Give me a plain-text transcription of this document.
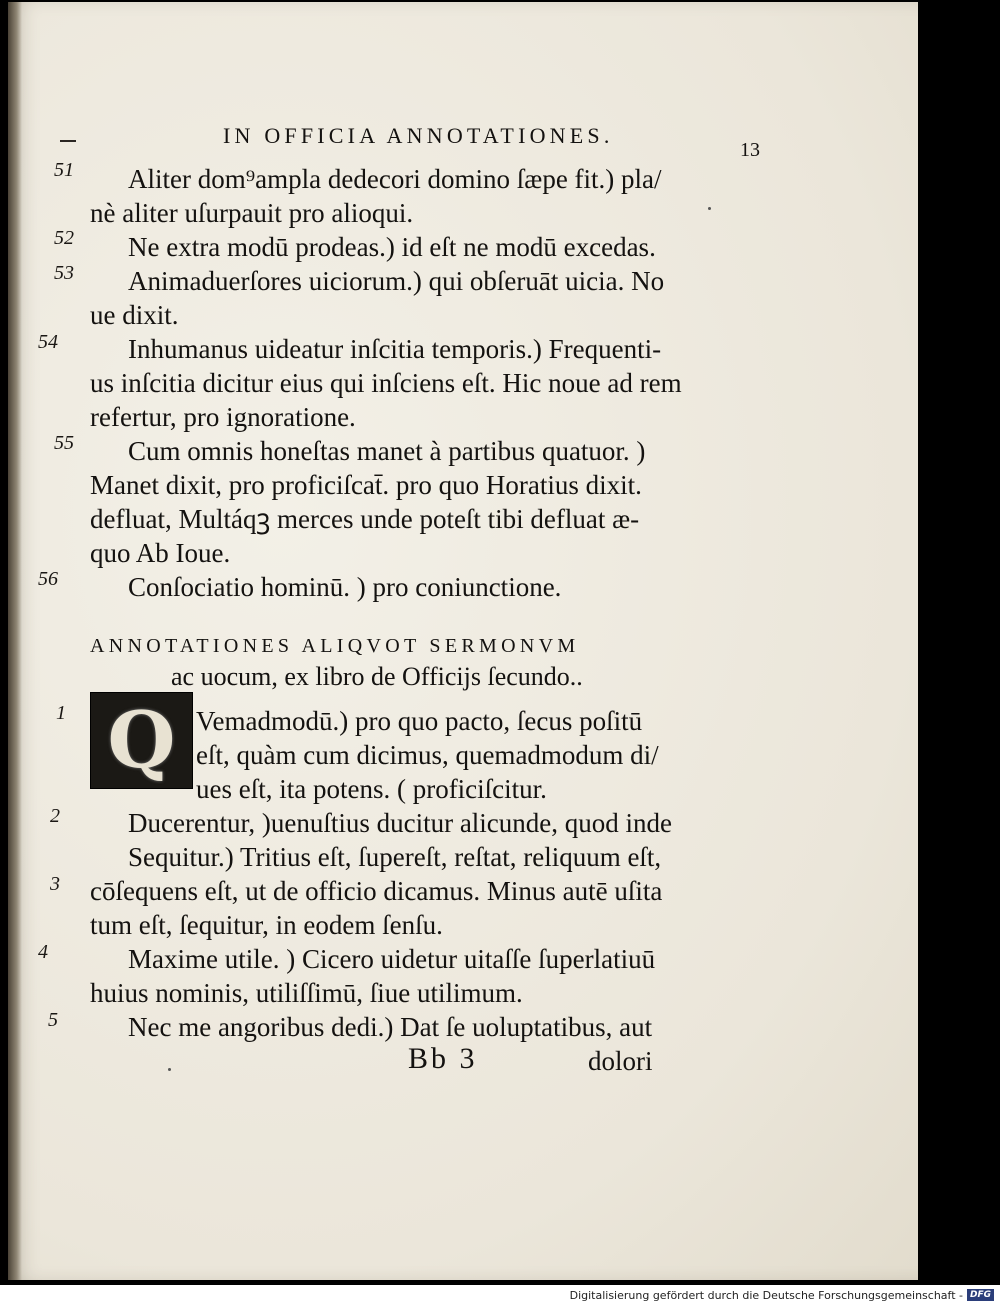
IN OFFICIA ANNOTATIONES.
13
51
52
53
54
55
56
Aliter dom⁹ampla dedecori domino ſæpe fit.) pla/
nè aliter uſurpauit pro alioqui.
Ne extra modū prodeas.) id eſt ne modū excedas.
Animaduerſores uiciorum.) qui obſeruāt uicia. No
ue dixit.
Inhumanus uideatur inſcitia temporis.) Frequenti-
us inſcitia dicitur eius qui inſciens eſt. Hic noue ad rem
refertur, pro ignoratione.
Cum omnis honeſtas manet à partibus quatuor. )
Manet dixit, pro proficiſcat̄. pro quo Horatius dixit.
defluat, Multáqꝫ merces unde poteſt tibi defluat æ-
quo Ab Ioue.
Conſociatio hominū. ) pro coniunctione.
ANNOTATIONES ALIQVOT SERMONVM
ac uocum, ex libro de Officijs ſecundo..
Q
1
2
3
4
5
Vemadmodū.) pro quo pacto, ſecus poſitū
eſt, quàm cum dicimus, quemadmodum di/
ues eſt, ita potens. ( proficiſcitur.
Ducerentur, )uenuſtius ducitur alicunde, quod inde
Sequitur.) Tritius eſt, ſupereſt, reſtat, reliquum eſt,
cōſequens eſt, ut de officio dicamus. Minus autē uſita
tum eſt, ſequitur, in eodem ſenſu.
Maxime utile. ) Cicero uidetur uitaſſe ſuperlatiuū
huius nominis, utiliſſimū, ſiue utilimum.
Nec me angoribus dedi.) Dat ſe uoluptatibus, aut
Bb 3	dolori
Digitalisierung gefördert durch die Deutsche Forschungsgemeinschaft - DFG
